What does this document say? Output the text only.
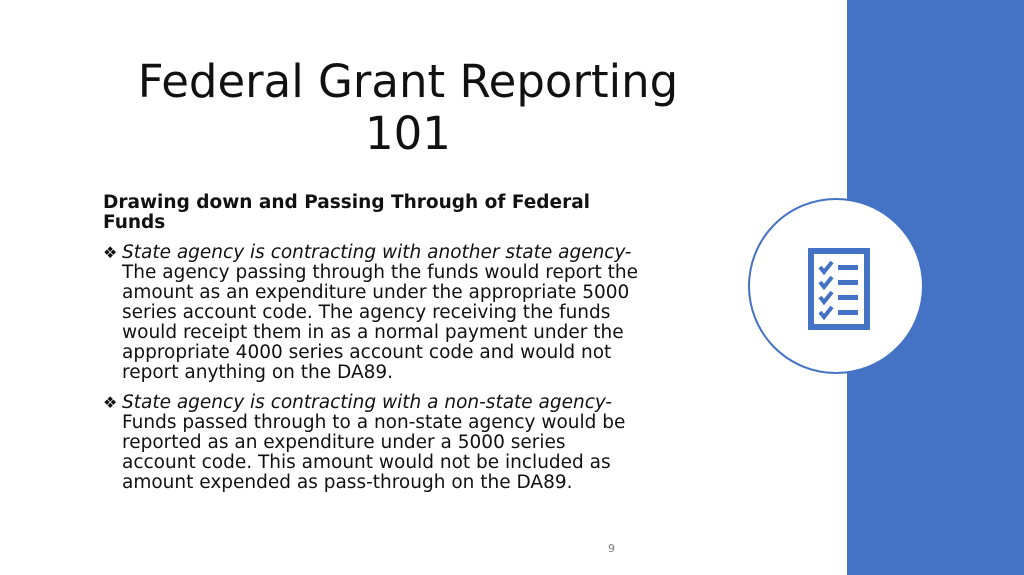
Federal Grant Reporting 101
Drawing down and Passing Through of Federal Funds
❖ State agency is contracting with another state agency- The agency passing through the funds would report the amount as an expenditure under the appropriate 5000 series account code. The agency receiving the funds would receipt them in as a normal payment under the appropriate 4000 series account code and would not report anything on the DA89.
❖ State agency is contracting with a non-state agency- Funds passed through to a non-state agency would be reported as an expenditure under a 5000 series account code. This amount would not be included as amount expended as pass-through on the DA89.
9
